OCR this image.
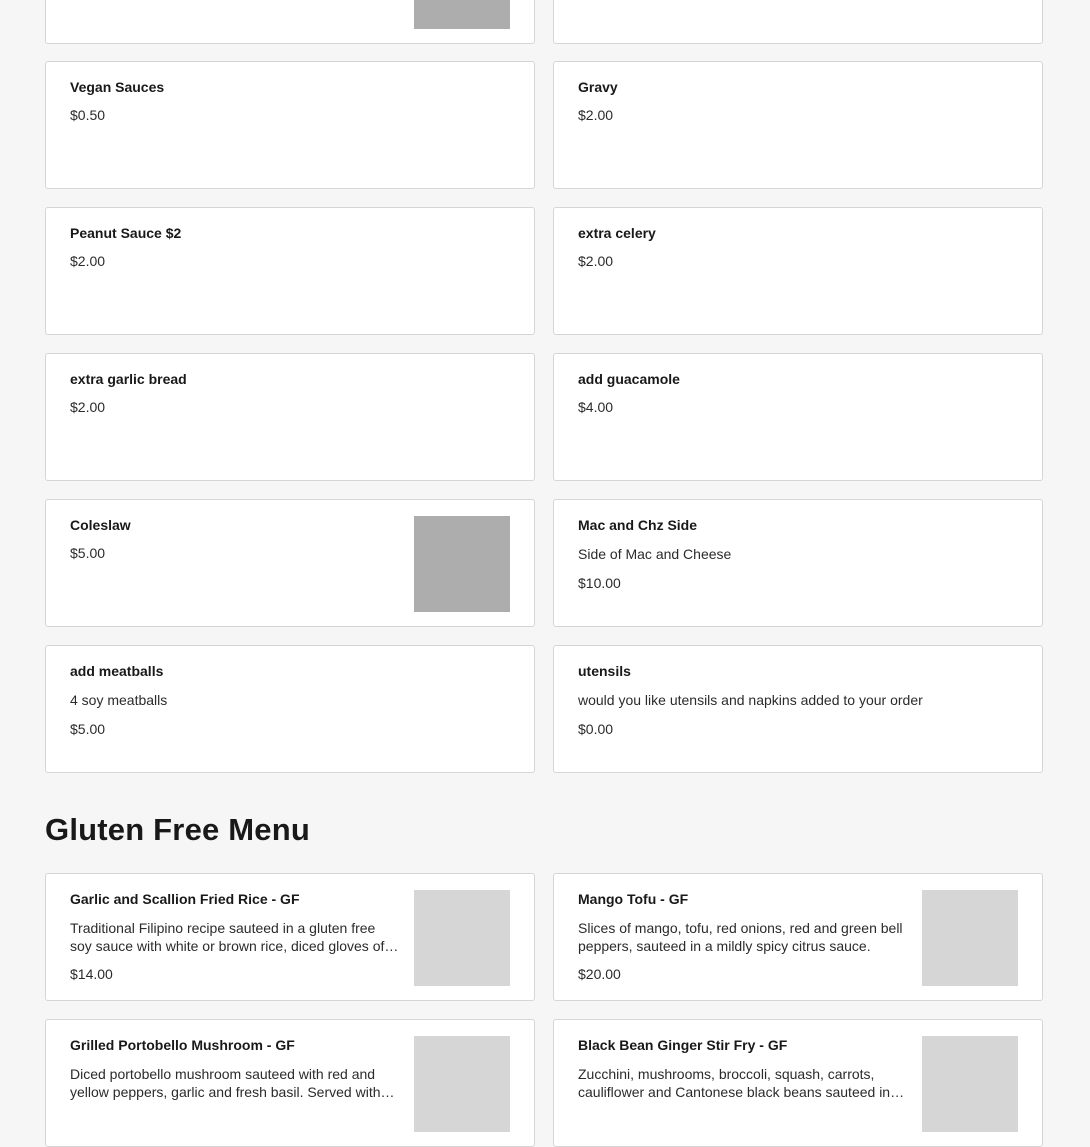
Vegan Sauces
$0.50
Gravy
$2.00
Peanut Sauce $2
$2.00
extra celery
$2.00
extra garlic bread
$2.00
add guacamole
$4.00
Coleslaw
$5.00
Mac and Chz Side
Side of Mac and Cheese
$10.00
add meatballs
4 soy meatballs
$5.00
utensils
would you like utensils and napkins added to your order
$0.00
Gluten Free Menu
Garlic and Scallion Fried Rice - GF
Traditional Filipino recipe sauteed in a gluten free soy sauce with white or brown rice, diced gloves of
$14.00
Mango Tofu - GF
Slices of mango, tofu, red onions, red and green bell peppers, sauteed in a mildly spicy citrus sauce.
$20.00
Grilled Portobello Mushroom - GF
Diced portobello mushroom sauteed with red and yellow peppers, garlic and fresh basil. Served with
Black Bean Ginger Stir Fry - GF
Zucchini, mushrooms, broccoli, squash, carrots, cauliflower and Cantonese black beans sauteed in
